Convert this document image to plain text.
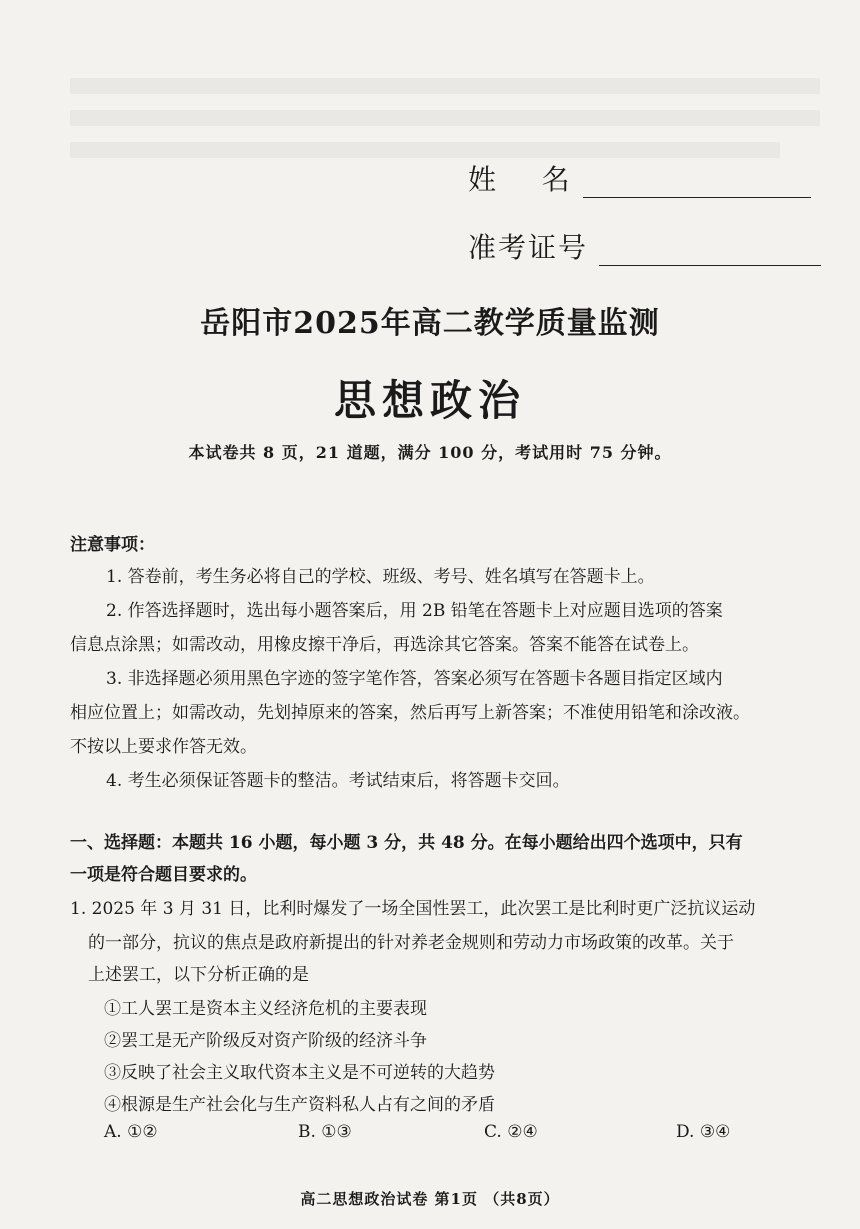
姓    名
准考证号
岳阳市2025年高二教学质量监测
思想政治
本试卷共 8 页，21 道题，满分 100 分，考试用时 75 分钟。
注意事项：
1. 答卷前，考生务必将自己的学校、班级、考号、姓名填写在答题卡上。
2. 作答选择题时，选出每小题答案后，用 2B 铅笔在答题卡上对应题目选项的答案
信息点涂黑；如需改动，用橡皮擦干净后，再选涂其它答案。答案不能答在试卷上。
3. 非选择题必须用黑色字迹的签字笔作答，答案必须写在答题卡各题目指定区域内
相应位置上；如需改动，先划掉原来的答案，然后再写上新答案；不准使用铅笔和涂改液。
不按以上要求作答无效。
4. 考生必须保证答题卡的整洁。考试结束后，将答题卡交回。
一、选择题：本题共 16 小题，每小题 3 分，共 48 分。在每小题给出四个选项中，只有
一项是符合题目要求的。
1. 2025 年 3 月 31 日，比利时爆发了一场全国性罢工，此次罢工是比利时更广泛抗议运动
的一部分，抗议的焦点是政府新提出的针对养老金规则和劳动力市场政策的改革。关于
上述罢工，以下分析正确的是
①工人罢工是资本主义经济危机的主要表现
②罢工是无产阶级反对资产阶级的经济斗争
③反映了社会主义取代资本主义是不可逆转的大趋势
④根源是生产社会化与生产资料私人占有之间的矛盾
A. ①②	B. ①③	C. ②④	D. ③④
高二思想政治试卷 第1页 （共8页）
